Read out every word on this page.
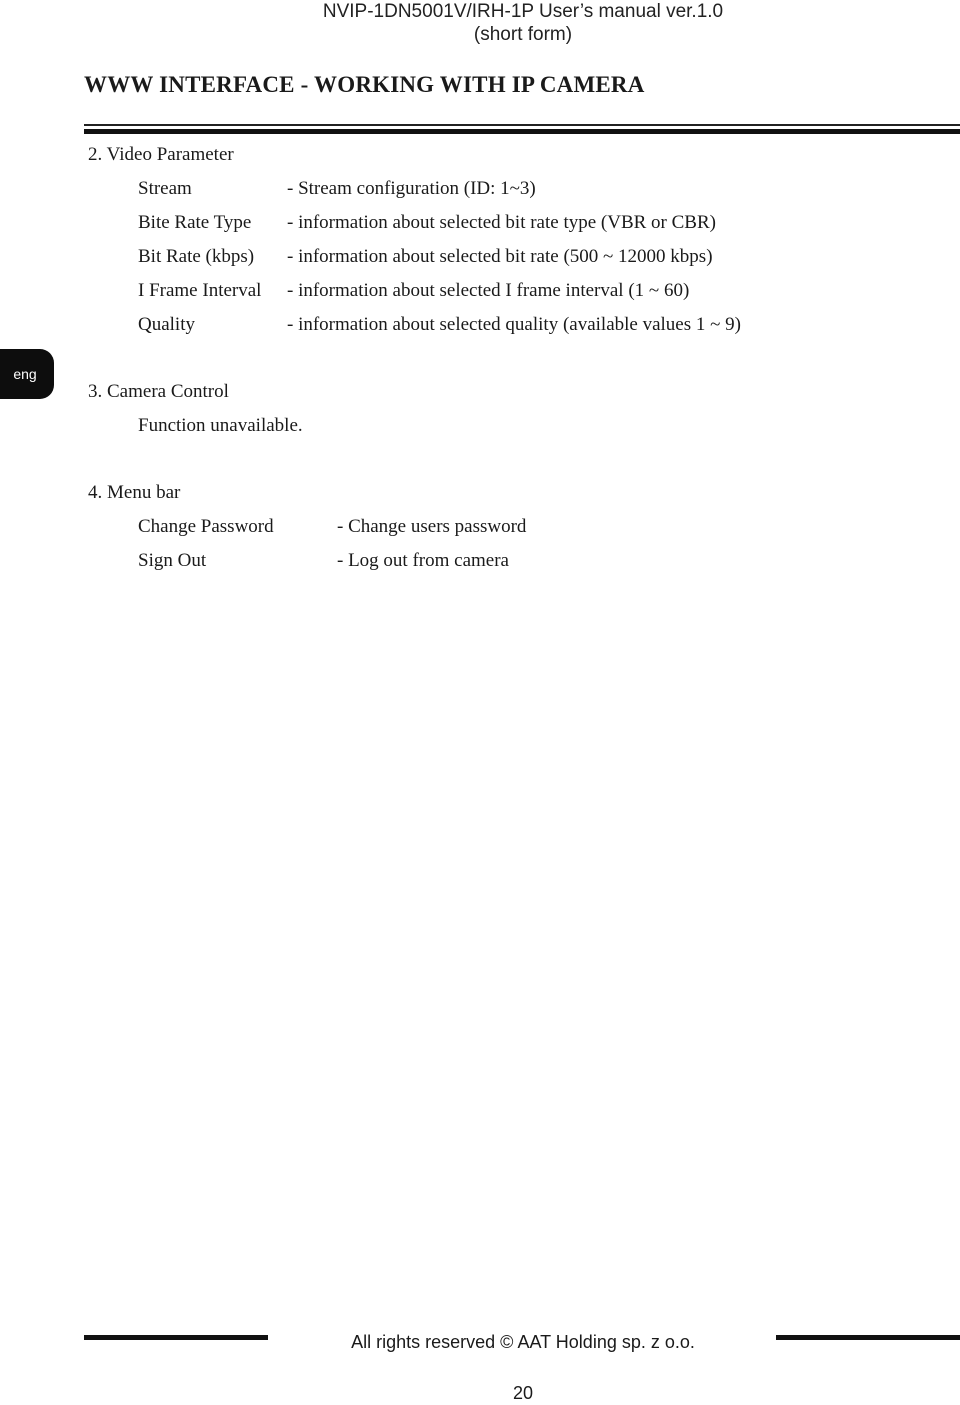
NVIP-1DN5001V/IRH-1P User’s manual ver.1.0
(short form)
WWW INTERFACE - WORKING WITH IP CAMERA
eng
2. Video Parameter
Stream	- Stream configuration (ID: 1~3)
Bite Rate Type - information about selected bit rate type (VBR or CBR)
Bit Rate (kbps) - information about selected bit rate (500 ~ 12000 kbps)
I Frame Interval - information about selected I frame interval (1 ~ 60)
Quality	- information about selected quality (available values 1 ~ 9)
3. Camera Control
Function unavailable.
4. Menu bar
Change Password	- Change users password
Sign Out	- Log out from camera
All rights reserved © AAT Holding sp. z o.o.
20
